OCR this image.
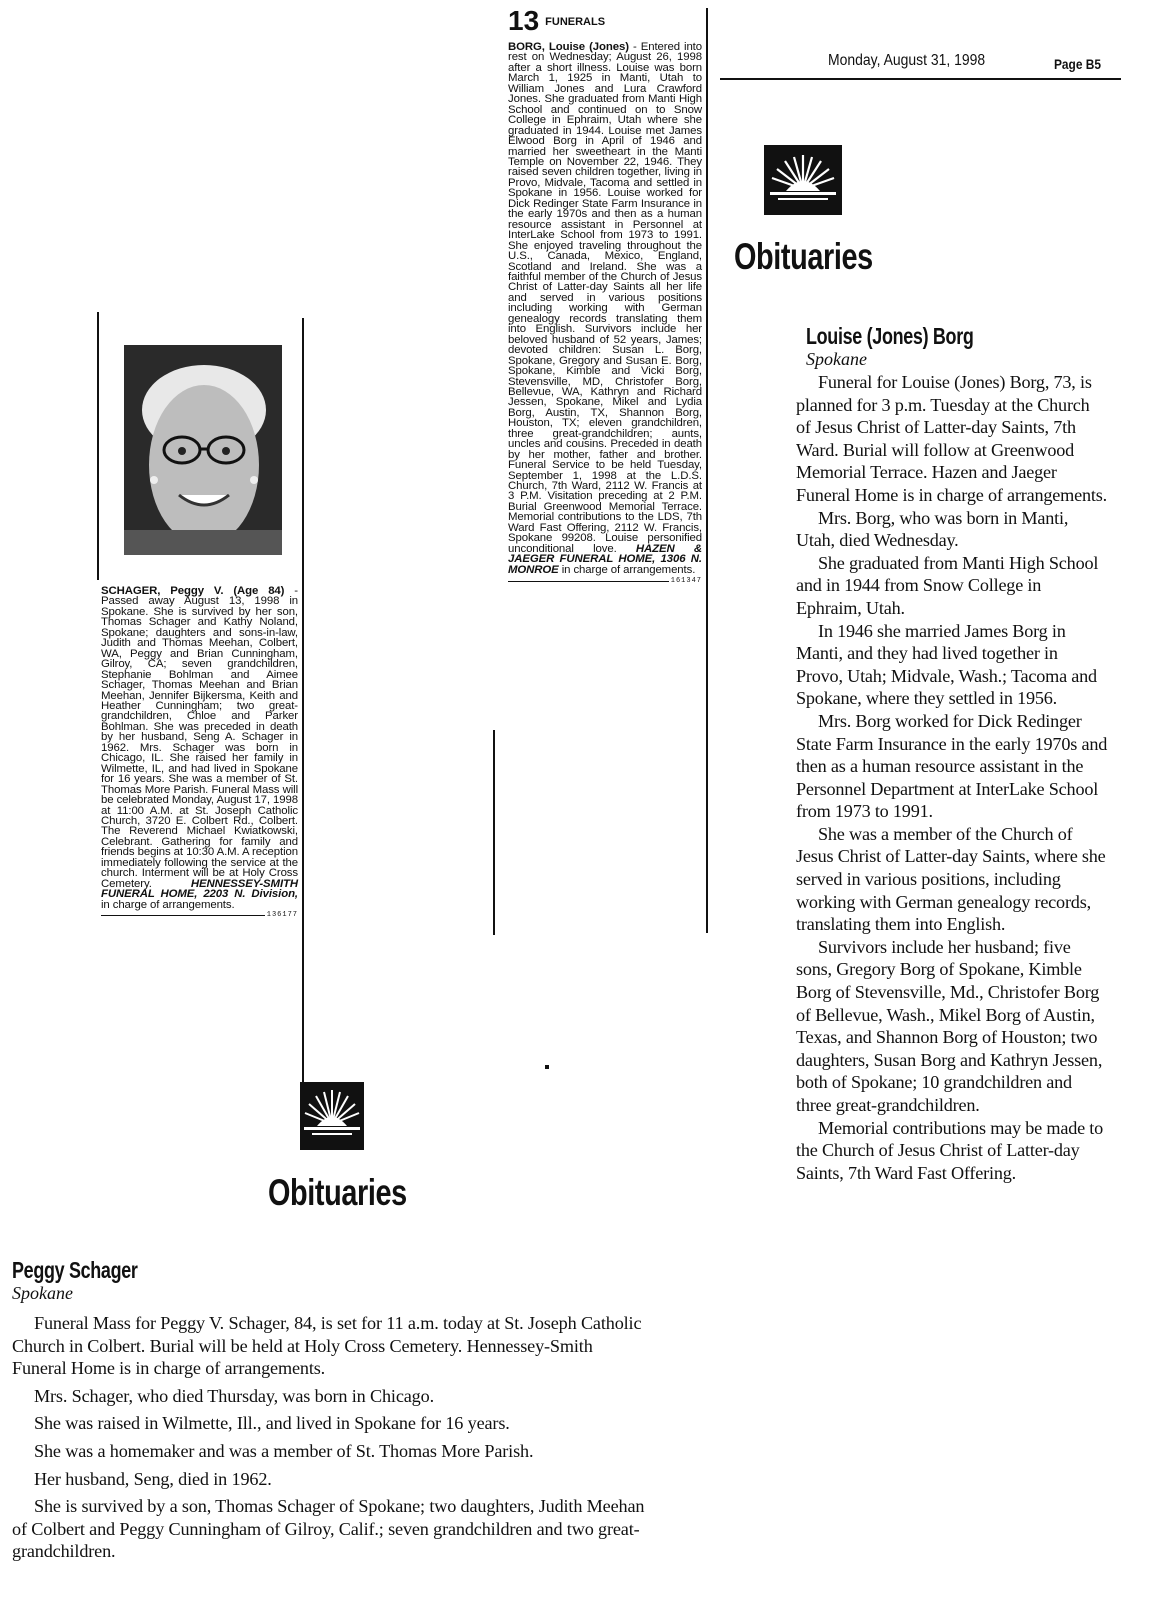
13 $^{FUNERALS}$
BORG, Louise (Jones) - Entered into rest on Wednesday; August 26, 1998 after a short illness. Louise was born March 1, 1925 in Manti, Utah to William Jones and Lura Crawford Jones. She graduated from Manti High School and continued on to Snow College in Ephraim, Utah where she graduated in 1944. Louise met James Elwood Borg in April of 1946 and married her sweetheart in the Manti Temple on November 22, 1946. They raised seven children together, living in Provo, Midvale, Tacoma and settled in Spokane in 1956. Louise worked for Dick Redinger State Farm Insurance in the early 1970s and then as a human resource assistant in Personnel at InterLake School from 1973 to 1991. She enjoyed traveling throughout the U.S., Canada, Mexico, England, Scotland and Ireland. She was a faithful member of the Church of Jesus Christ of Latter-day Saints all her life and served in various positions including working with German genealogy records translating them into English. Survivors include her beloved husband of 52 years, James; devoted children: Susan L. Borg, Spokane, Gregory and Susan E. Borg, Spokane, Kimble and Vicki Borg, Stevensville, MD, Christofer Borg, Bellevue, WA, Kathryn and Richard Jessen, Spokane, Mikel and Lydia Borg, Austin, TX, Shannon Borg, Houston, TX; eleven grandchildren, three great-grandchildren; aunts, uncles and cousins. Preceded in death by her mother, father and brother. Funeral Service to be held Tuesday, September 1, 1998 at the L.D.S. Church, 7th Ward, 2112 W. Francis at 3 P.M. Visitation preceding at 2 P.M. Burial Greenwood Memorial Terrace. Memorial contributions to the LDS, 7th Ward Fast Offering, 2112 W. Francis, Spokane 99208. Louise personified unconditional love. HAZEN & JAEGER FUNERAL HOME, 1306 N. MONROE in charge of arrangements.
161347
Monday, August 31, 1998	Page B5
Obituaries
Louise (Jones) Borg
Spokane

Funeral for Louise (Jones) Borg, 73, is planned for 3 p.m. Tuesday at the Church of Jesus Christ of Latter-day Saints, 7th Ward. Burial will follow at Greenwood Memorial Terrace. Hazen and Jaeger Funeral Home is in charge of arrangements.

Mrs. Borg, who was born in Manti, Utah, died Wednesday.

She graduated from Manti High School and in 1944 from Snow College in Ephraim, Utah.

In 1946 she married James Borg in Manti, and they had lived together in Provo, Utah; Midvale, Wash.; Tacoma and Spokane, where they settled in 1956.

Mrs. Borg worked for Dick Redinger State Farm Insurance in the early 1970s and then as a human resource assistant in the Personnel Department at InterLake School from 1973 to 1991.

She was a member of the Church of Jesus Christ of Latter-day Saints, where she served in various positions, including working with German genealogy records, translating them into English.

Survivors include her husband; five sons, Gregory Borg of Spokane, Kimble Borg of Stevensville, Md., Christofer Borg of Bellevue, Wash., Mikel Borg of Austin, Texas, and Shannon Borg of Houston; two daughters, Susan Borg and Kathryn Jessen, both of Spokane; 10 grandchildren and three great-grandchildren.

Memorial contributions may be made to the Church of Jesus Christ of Latter-day Saints, 7th Ward Fast Offering.

SCHAGER, Peggy V. (Age 84) - Passed away August 13, 1998 in Spokane. She is survived by her son, Thomas Schager and Kathy Noland, Spokane; daughters and sons-in-law, Judith and Thomas Meehan, Colbert, WA, Peggy and Brian Cunningham, Gilroy, CA; seven grandchildren, Stephanie Bohlman and Aimee Schager, Thomas Meehan and Brian Meehan, Jennifer Bijkersma, Keith and Heather Cunningham; two great-grandchildren, Chloe and Parker Bohlman. She was preceded in death by her husband, Seng A. Schager in 1962. Mrs. Schager was born in Chicago, IL. She raised her family in Wilmette, IL, and had lived in Spokane for 16 years. She was a member of St. Thomas More Parish. Funeral Mass will be celebrated Monday, August 17, 1998 at 11:00 A.M. at St. Joseph Catholic Church, 3720 E. Colbert Rd., Colbert. The Reverend Michael Kwiatkowski, Celebrant. Gathering for family and friends begins at 10:30 A.M. A reception immediately following the service at the church. Interment will be at Holy Cross Cemetery. HENNESSEY-SMITH FUNERAL HOME, 2203 N. Division, in charge of arrangements.
136177
Obituaries
Peggy Schager
Spokane

Funeral Mass for Peggy V. Schager, 84, is set for 11 a.m. today at St. Joseph Catholic Church in Colbert. Burial will be held at Holy Cross Cemetery. Hennessey-Smith Funeral Home is in charge of arrangements.

Mrs. Schager, who died Thursday, was born in Chicago.

She was raised in Wilmette, Ill., and lived in Spokane for 16 years.

She was a homemaker and was a member of St. Thomas More Parish.

Her husband, Seng, died in 1962.

She is survived by a son, Thomas Schager of Spokane; two daughters, Judith Meehan of Colbert and Peggy Cunningham of Gilroy, Calif.; seven grandchildren and two great-grandchildren.
